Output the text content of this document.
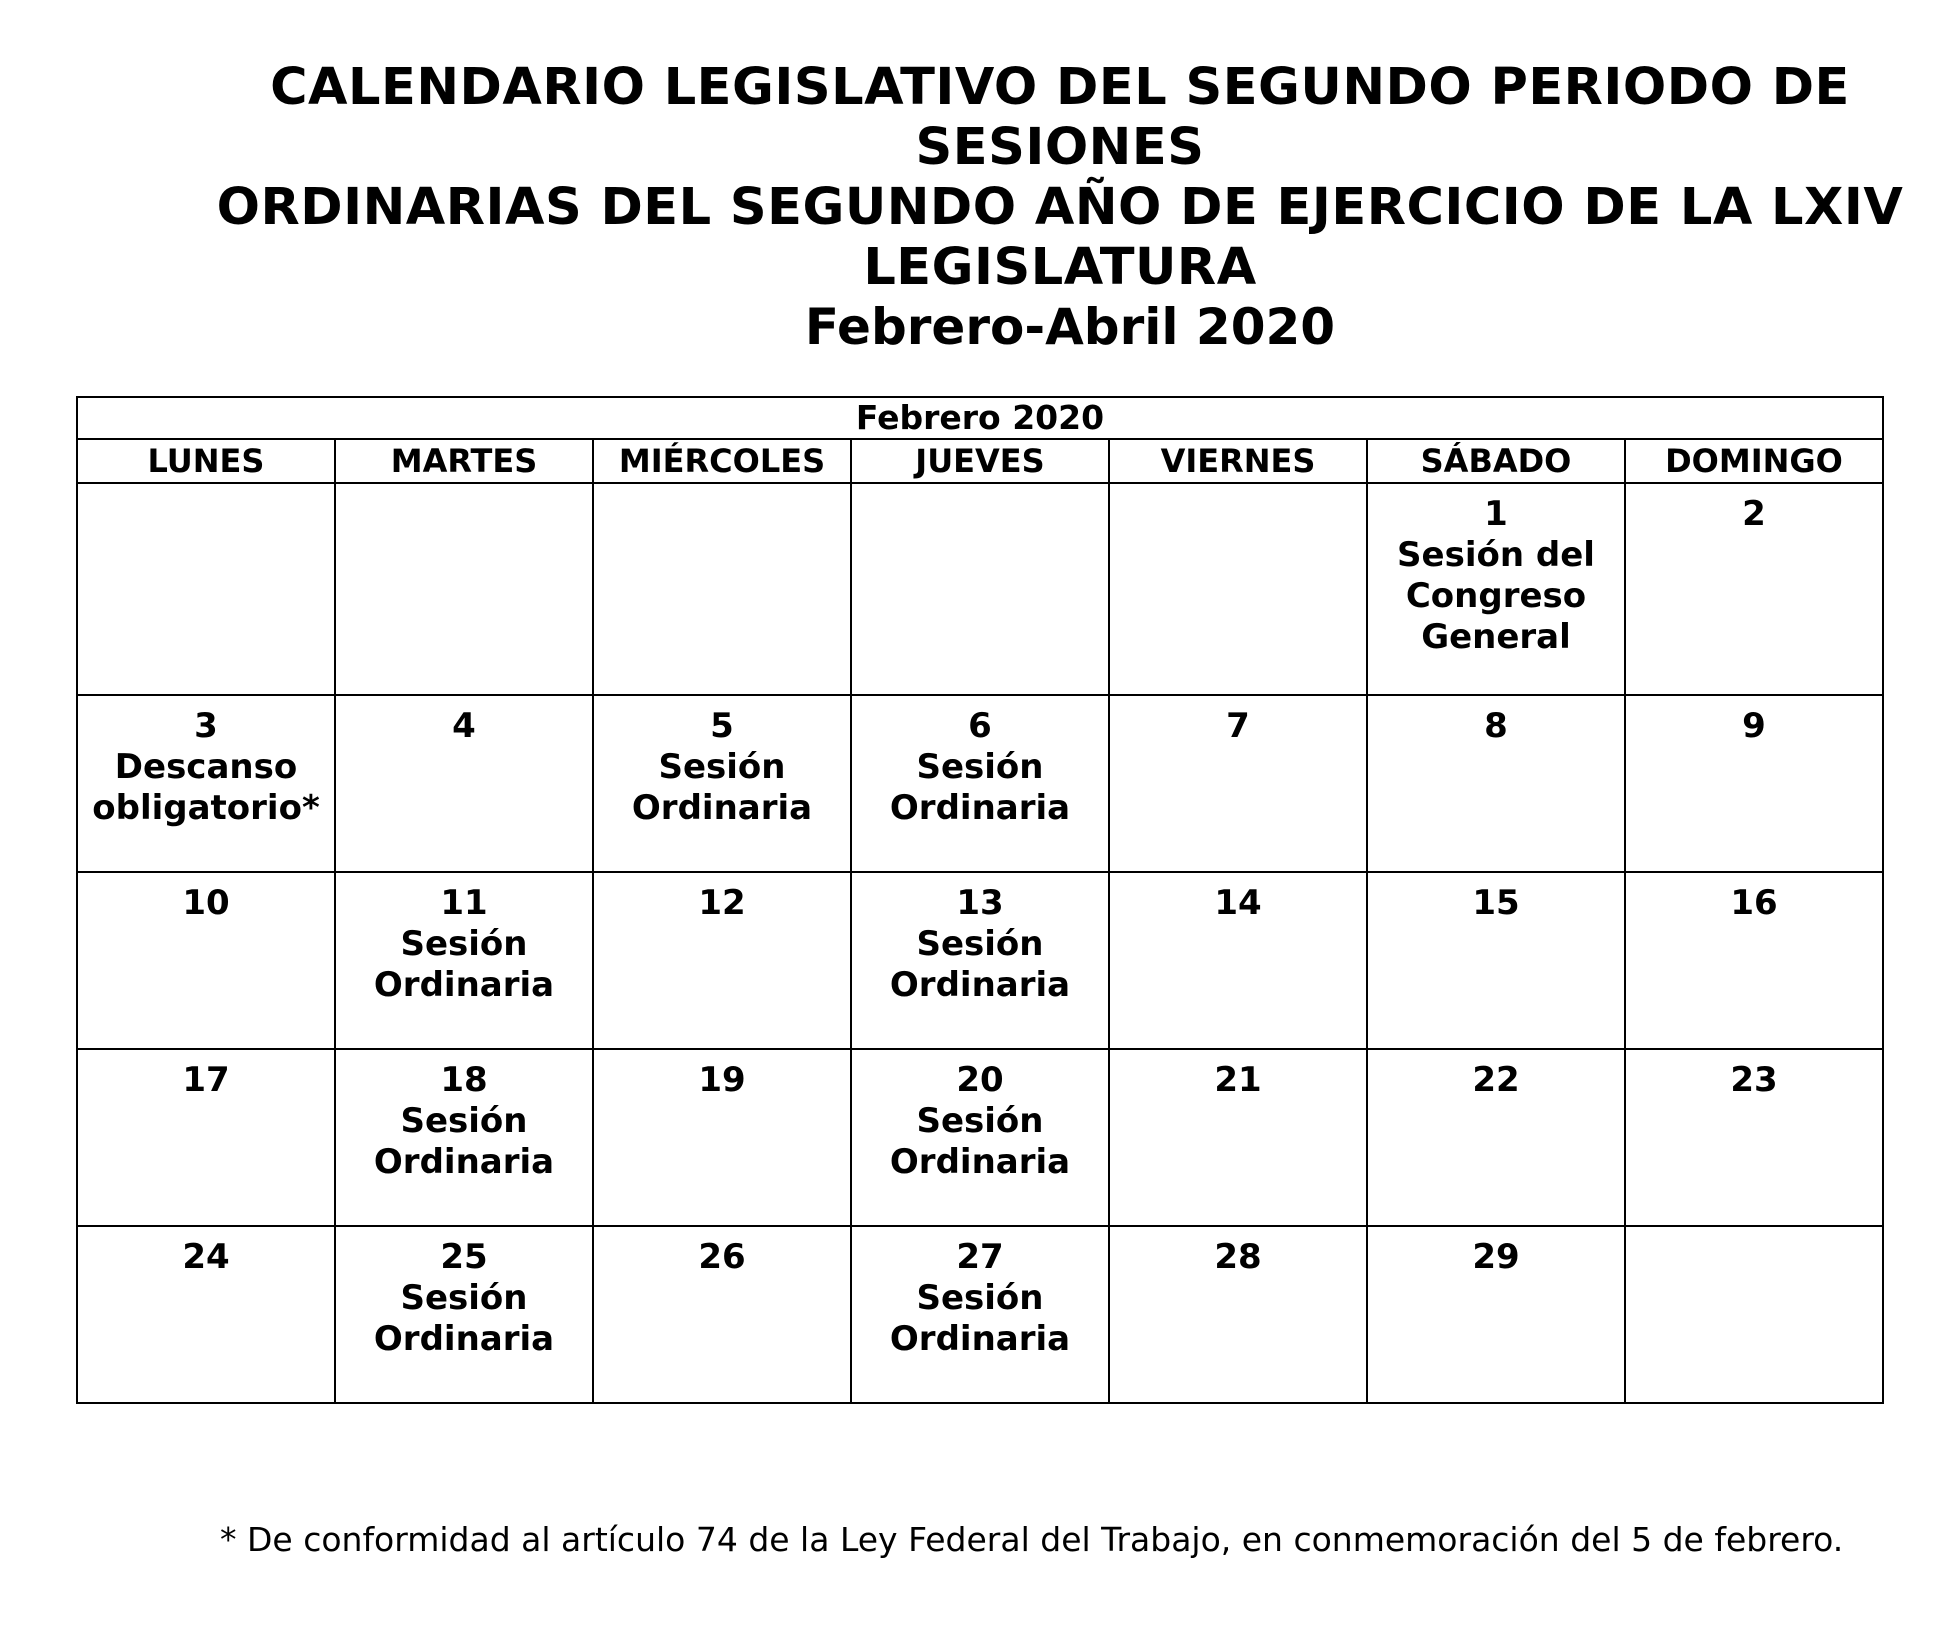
CALENDARIO LEGISLATIVO DEL SEGUNDO PERIODO DE SESIONES
ORDINARIAS DEL SEGUNDO AÑO DE EJERCICIO DE LA LXIV
LEGISLATURA
Febrero-Abril 2020
Febrero 2020						
LUNES	MARTES	MIÉRCOLES	JUEVES	VIERNES	SÁBADO	DOMINGO

					1
Sesión del
Congreso
General	2

3
Descanso
obligatorio*	4	5
Sesión
Ordinaria	6
Sesión
Ordinaria	7	8	9

10	11
Sesión
Ordinaria	12	13
Sesión
Ordinaria	14	15	16

17	18
Sesión
Ordinaria	19	20
Sesión
Ordinaria	21	22	23

24	25
Sesión
Ordinaria	26	27
Sesión
Ordinaria	28	29	

* De conformidad al artículo 74 de la Ley Federal del Trabajo, en conmemoración del 5 de febrero.
